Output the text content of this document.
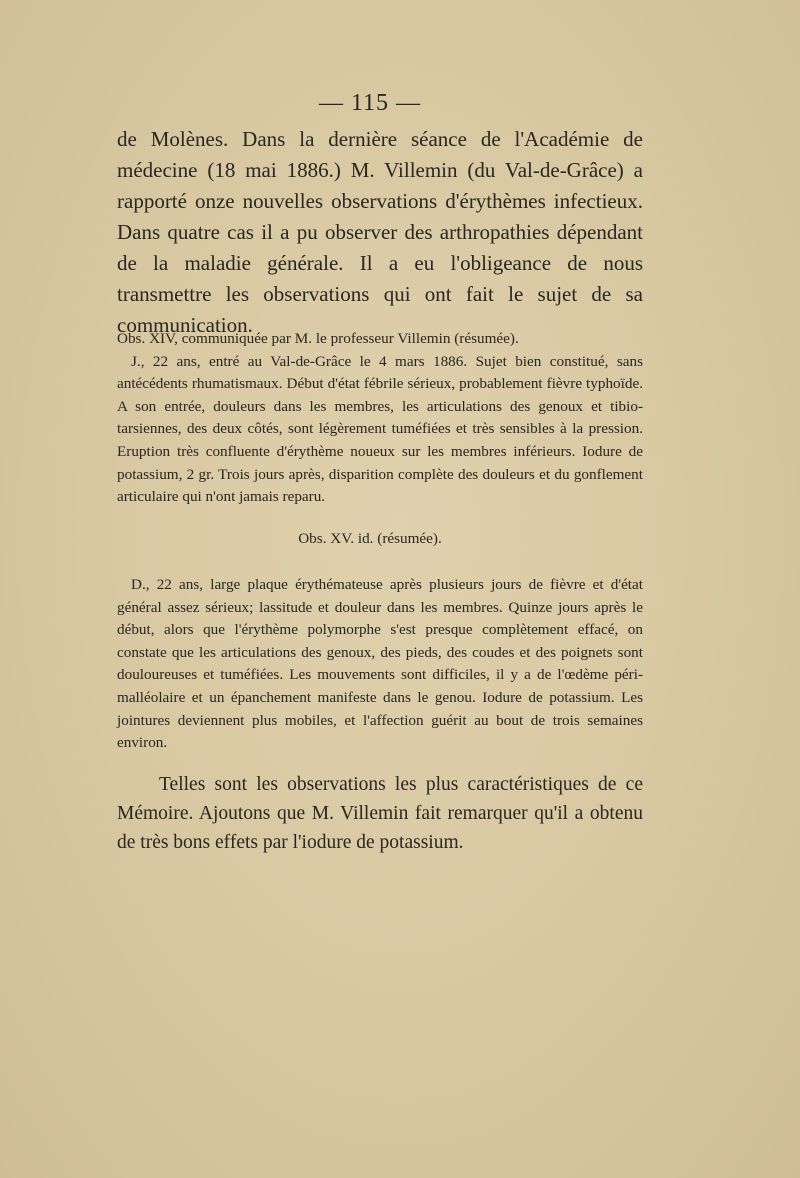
— 115 —

de Molènes. Dans la dernière séance de l'Académie de médecine (18 mai 1886.) M. Villemin (du Val-de-Grâce) a rapporté onze nouvelles observations d'érythèmes infectieux. Dans quatre cas il a pu observer des arthropathies dépendant de la maladie générale. Il a eu l'obligeance de nous transmettre les observations qui ont fait le sujet de sa communication.

Obs. XIV, communiquée par M. le professeur Villemin (résumée).

J., 22 ans, entré au Val-de-Grâce le 4 mars 1886. Sujet bien constitué, sans antécédents rhumatismaux. Début d'état fébrile sérieux, probablement fièvre typhoïde. A son entrée, douleurs dans les membres, les articulations des genoux et tibio-tarsiennes, des deux côtés, sont légèrement tuméfiées et très sensibles à la pression. Eruption très confluente d'érythème noueux sur les membres inférieurs. Iodure de potassium, 2 gr. Trois jours après, disparition complète des douleurs et du gonflement articulaire qui n'ont jamais reparu.

Obs. XV. id. (résumée).

D., 22 ans, large plaque érythémateuse après plusieurs jours de fièvre et d'état général assez sérieux; lassitude et douleur dans les membres. Quinze jours après le début, alors que l'érythème polymorphe s'est presque complètement effacé, on constate que les articulations des genoux, des pieds, des coudes et des poignets sont douloureuses et tuméfiées. Les mouvements sont difficiles, il y a de l'œdème péri-malléolaire et un épanchement manifeste dans le genou. Iodure de potassium. Les jointures deviennent plus mobiles, et l'affection guérit au bout de trois semaines environ.

Telles sont les observations les plus caractéristiques de ce Mémoire. Ajoutons que M. Villemin fait remarquer qu'il a obtenu de très bons effets par l'iodure de potassium.
